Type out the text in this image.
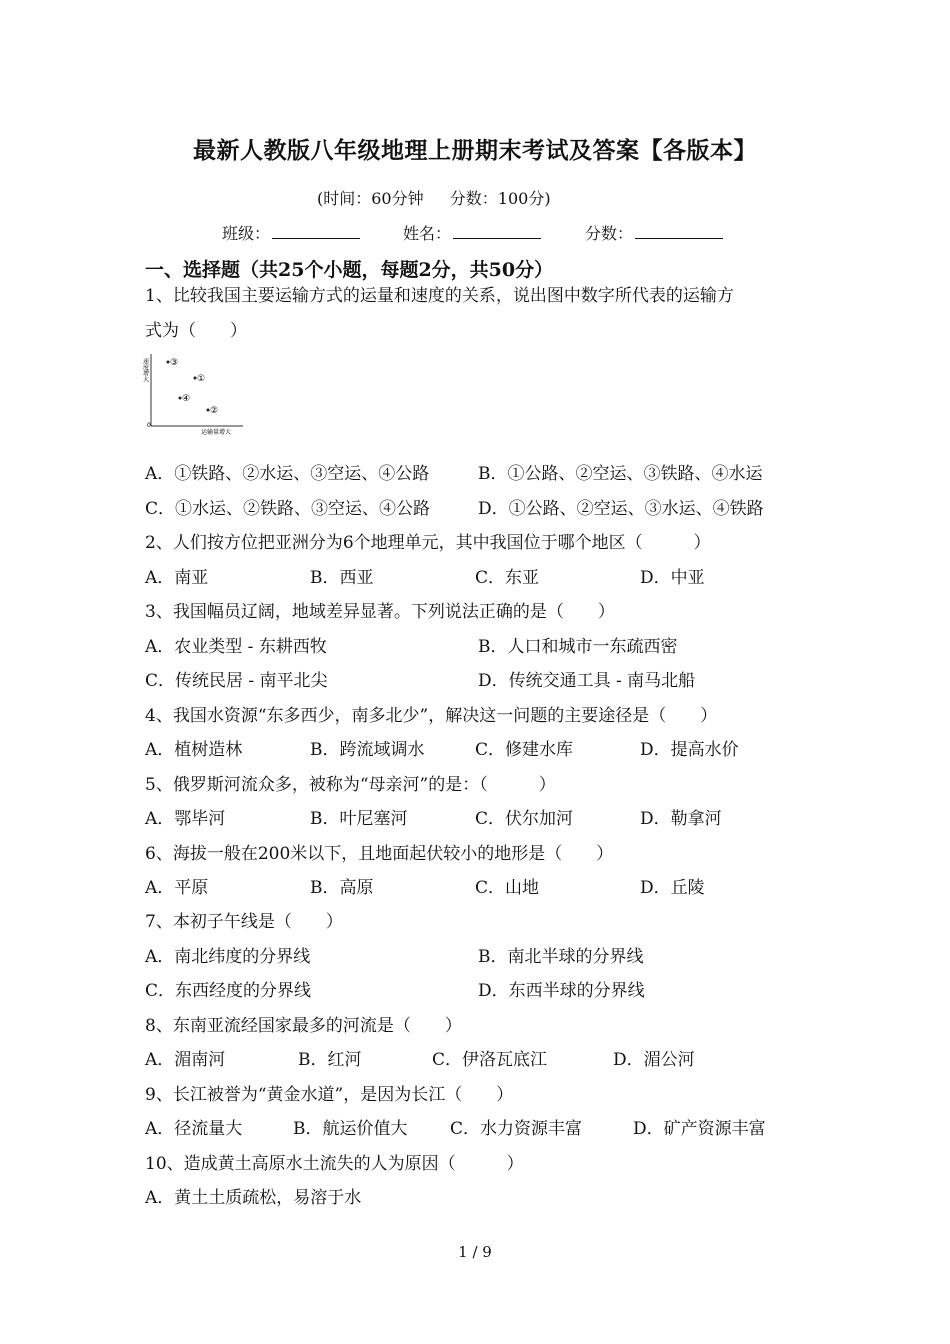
最新人教版八年级地理上册期末考试及答案【各版本】
(时间：60分钟 　 分数：100分)
班级：	姓名：	分数：
一、选择题（共25个小题，每题2分，共50分）
1、比较我国主要运输方式的运量和速度的关系，说出图中数字所代表的运输方
式为（　　）
速度增大
运输量增大
0
③
①
④
②
A．①铁路、②水运、③空运、④公路	B．①公路、②空运、③铁路、④水运
C．①水运、②铁路、③空运、④公路	D．①公路、②空运、③水运、④铁路
2、人们按方位把亚洲分为6个地理单元，其中我国位于哪个地区（　　　）
A．南亚	B．西亚	C．东亚	D．中亚
3、我国幅员辽阔，地域差异显著。下列说法正确的是（　　）
A．农业类型 - 东耕西牧	B．人口和城市一东疏西密
C．传统民居 - 南平北尖	D．传统交通工具 - 南马北船
4、我国水资源“东多西少，南多北少”，解决这一问题的主要途径是（　　）
A．植树造林	B．跨流域调水	C．修建水库	D．提高水价
5、俄罗斯河流众多，被称为“母亲河”的是：（　　　）
A．鄂毕河	B．叶尼塞河	C．伏尔加河	D．勒拿河
6、海拔一般在200米以下，且地面起伏较小的地形是（　　）
A．平原	B．高原	C．山地	D．丘陵
7、本初子午线是（　　）
A．南北纬度的分界线	B．南北半球的分界线
C．东西经度的分界线	D．东西半球的分界线
8、东南亚流经国家最多的河流是（　　）
A．湄南河	B．红河	C．伊洛瓦底江	D．湄公河
9、长江被誉为“黄金水道”，是因为长江（　　）
A．径流量大	B．航运价值大	C．水力资源丰富	D．矿产资源丰富
10、造成黄土高原水土流失的人为原因（　　　）
A．黄土土质疏松，易溶于水
1 / 9
